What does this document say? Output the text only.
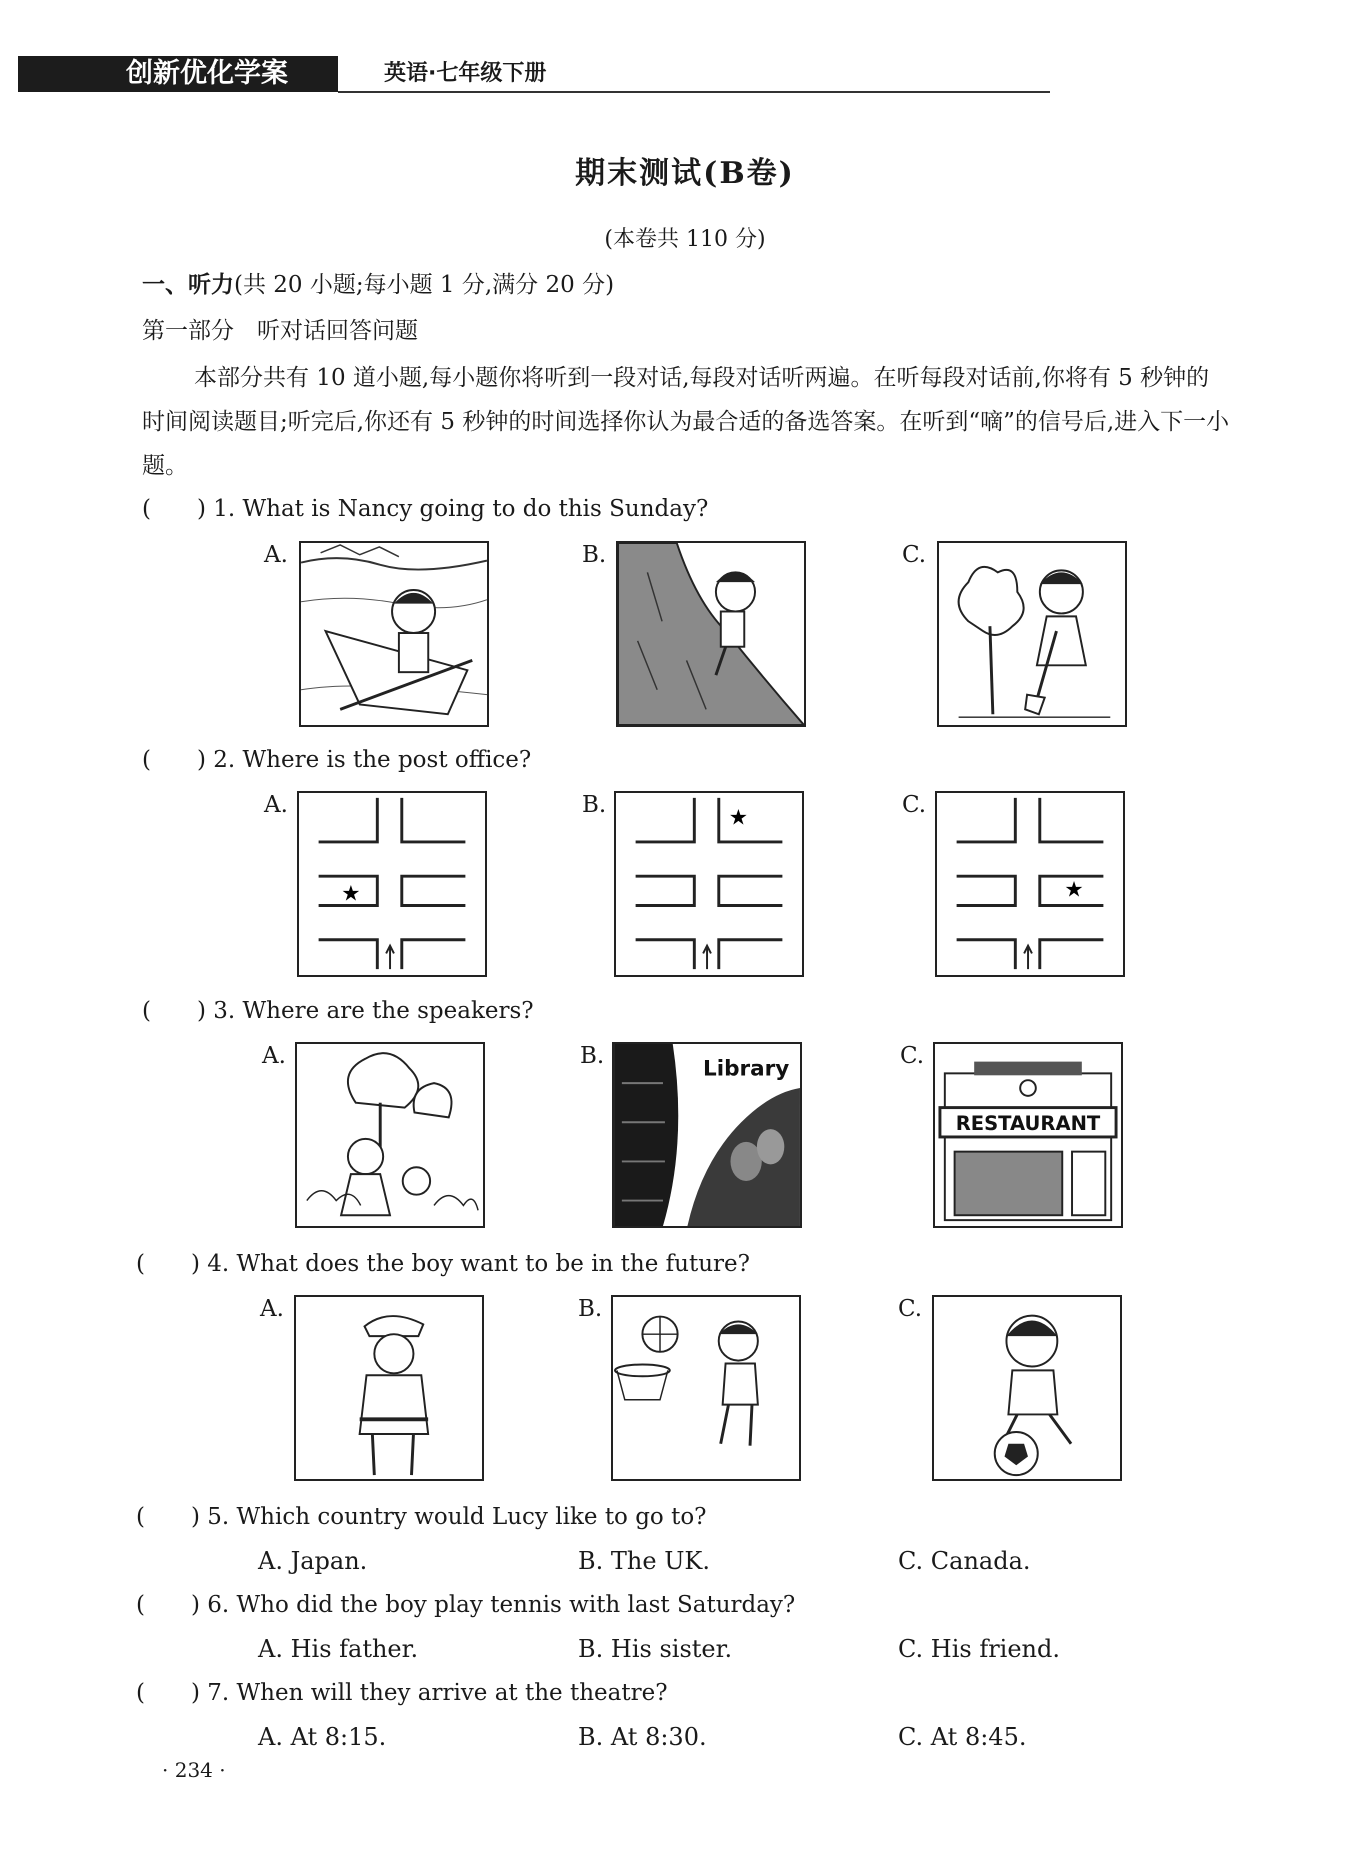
创新优化学案	英语·七年级下册
期末测试(B卷)
(本卷共 110 分)
一、听力(共 20 小题;每小题 1 分,满分 20 分)
第一部分　听对话回答问题
本部分共有 10 道小题,每小题你将听到一段对话,每段对话听两遍。在听每段对话前,你将有 5 秒钟的时间阅读题目;听完后,你还有 5 秒钟的时间选择你认为最合适的备选答案。在听到“嘀”的信号后,进入下一小题。
(　　) 1. What is Nancy going to do this Sunday?
A.	B.	C.
(　　) 2. Where is the post office?
A.	B.	C.
★
★
★
(　　) 3. Where are the speakers?
A.	B.	C.
Library
RESTAURANT
(　　) 4. What does the boy want to be in the future?
A.	B.	C.
(　　) 5. Which country would Lucy like to go to?
A. Japan.	B. The UK.	C. Canada.
(　　) 6. Who did the boy play tennis with last Saturday?
A. His father.	B. His sister.	C. His friend.
(　　) 7. When will they arrive at the theatre?
A. At 8:15.	B. At 8:30.	C. At 8:45.
· 234 ·
